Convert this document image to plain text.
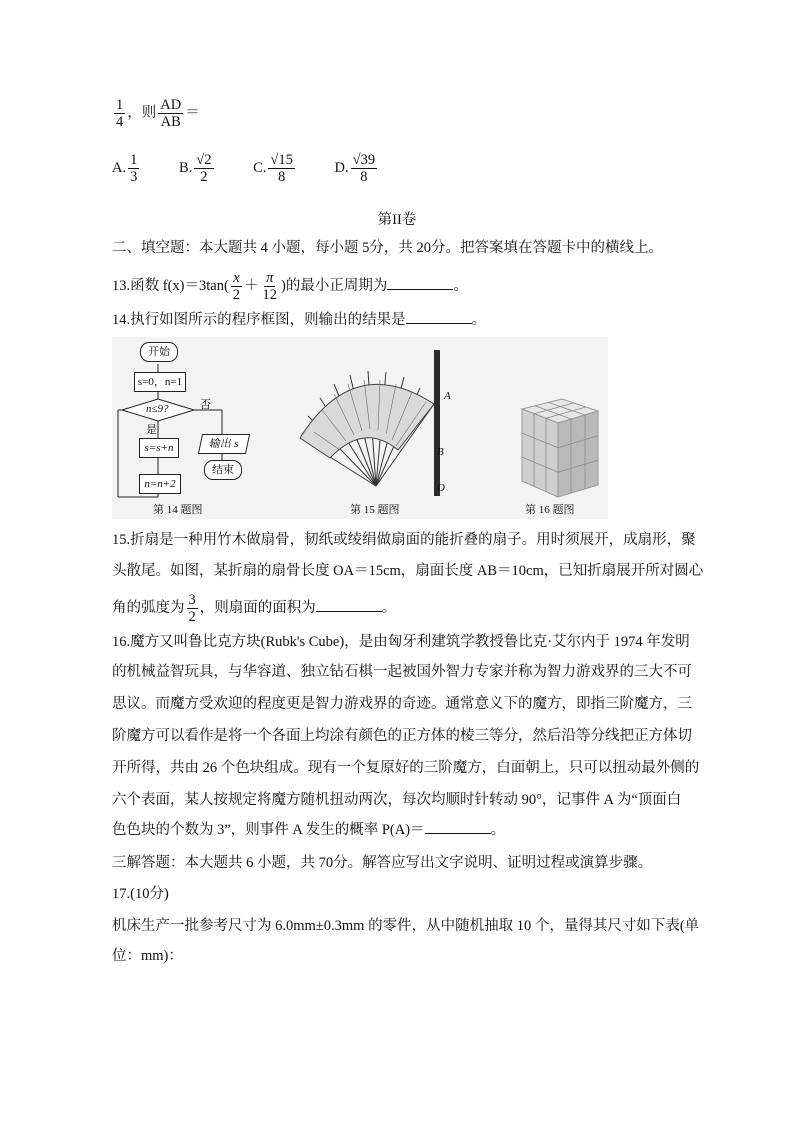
$\frac{1}{4}$ ，则 $\frac{AD}{AB}$ ＝
A. $\frac{1}{3}$	B. $\frac{√2}{2}$	C. $\frac{√15}{8}$	D. $\frac{√39}{8}$
第II卷
二、填空题：本大题共 4 小题，每小题 5分，共 20分。把答案填在答题卡中的横线上。
13.函数 $f(x)=3\tan( \frac{x}{2} + \frac{\pi}{12}$ )的最小正周期为	。
14.执行如图所示的程序框图，则输出的结果是	。
开始
s=0，n=1
n≤9?	否
是
s=s+n
n=n+2
输出 s
结束
A
B
O
第 14 题图	第 15 题图	第 16 题图
15.折扇是一种用竹木做扇骨，韧纸或绫绢做扇面的能折叠的扇子。用时须展开，成扇形，聚
头散尾。如图，某折扇的扇骨长度 OA＝15cm，扇面长度 AB＝10cm，已知折扇展开所对圆心
角的弧度为 $\frac{3}{2}$ ，则扇面的面积为	。
16.魔方又叫鲁比克方块(Rubk's Cube)，是由匈牙利建筑学教授鲁比克·艾尔内于 1974 年发明
的机械益智玩具，与华容道、独立钻石棋一起被国外智力专家并称为智力游戏界的三大不可
思议。而魔方受欢迎的程度更是智力游戏界的奇迹。通常意义下的魔方，即指三阶魔方，三
阶魔方可以看作是将一个各面上均涂有颜色的正方体的棱三等分，然后沿等分线把正方体切
开所得，共由 26 个色块组成。现有一个复原好的三阶魔方，白面朝上，只可以扭动最外侧的
六个表面，某人按规定将魔方随机扭动两次，每次均顺时针转动 90°，记事件 A 为“顶面白
色色块的个数为 3”，则事件 A 发生的概率 P(A)＝	。
三解答题：本大题共 6 小题，共 70分。解答应写出文字说明、证明过程或演算步骤。
17.(10分)
机床生产一批参考尺寸为 6.0mm±0.3mm 的零件，从中随机抽取 10 个，量得其尺寸如下表(单
位：mm)：
